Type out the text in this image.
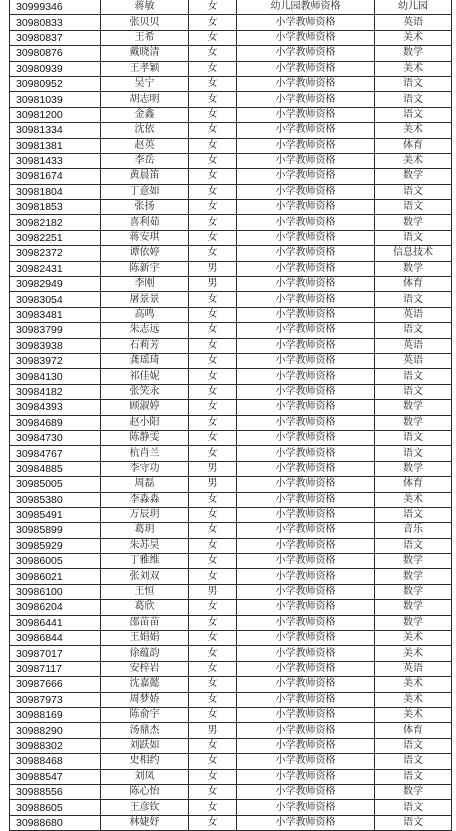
30999346	蒋敏	女	幼儿园教师资格	幼儿园
30980833	张贝贝	女	小学教师资格	英语
30980837	王希	女	小学教师资格	美术
30980876	戴晓清	女	小学教师资格	数学
30980939	王孝颖	女	小学教师资格	美术
30980952	吴宁	女	小学教师资格	语文
30981039	胡志明	女	小学教师资格	语文
30981200	金鑫	女	小学教师资格	语文
30981334	沈依	女	小学教师资格	美术
30981381	赵英	女	小学教师资格	体育
30981433	李岳	女	小学教师资格	美术
30981674	黄晨笛	女	小学教师资格	数学
30981804	丁意如	女	小学教师资格	语文
30981853	张扬	女	小学教师资格	语文
30982182	喜利茹	女	小学教师资格	数学
30982251	蒋安琪	女	小学教师资格	语文
30982372	谭依婷	女	小学教师资格	信息技术
30982431	陈新宇	男	小学教师资格	数学
30982949	李刚	男	小学教师资格	体育
30983054	屠景景	女	小学教师资格	语文
30983481	高鸣	女	小学教师资格	英语
30983799	朱志远	女	小学教师资格	语文
30983938	石莉芳	女	小学教师资格	英语
30983972	龚瑶琦	女	小学教师资格	英语
30984130	祁佳妮	女	小学教师资格	语文
30984182	张笑永	女	小学教师资格	语文
30984393	顾淑婷	女	小学教师资格	数学
30984689	赵小阳	女	小学教师资格	数学
30984730	陈静雯	女	小学教师资格	语文
30984767	杭肖兰	女	小学教师资格	语文
30984885	李守功	男	小学教师资格	数学
30985005	周磊	男	小学教师资格	体育
30985380	李淼淼	女	小学教师资格	美术
30985491	万辰玥	女	小学教师资格	语文
30985899	葛玥	女	小学教师资格	音乐
30985929	朱苏昊	女	小学教师资格	语文
30986005	丁雅维	女	小学教师资格	数学
30986021	张刘双	女	小学教师资格	数学
30986100	王恒	男	小学教师资格	数学
30986204	葛欣	女	小学教师资格	数学
30986441	邵苗苗	女	小学教师资格	数学
30986844	王娟娟	女	小学教师资格	美术
30987017	徐蕴韵	女	小学教师资格	美术
30987117	安梓岩	女	小学教师资格	英语
30987666	沈嘉懿	女	小学教师资格	美术
30987973	周梦娇	女	小学教师资格	美术
30988169	陈俞宇	女	小学教师资格	美术
30988290	汤鼎杰	男	小学教师资格	体育
30988302	刘跃如	女	小学教师资格	语文
30988468	史相约	女	小学教师资格	语文
30988547	刘凤	女	小学教师资格	语文
30988556	陈心怡	女	小学教师资格	数学
30988605	王彦钦	女	小学教师资格	语文
30988680	林婕妤	女	小学教师资格	语文
